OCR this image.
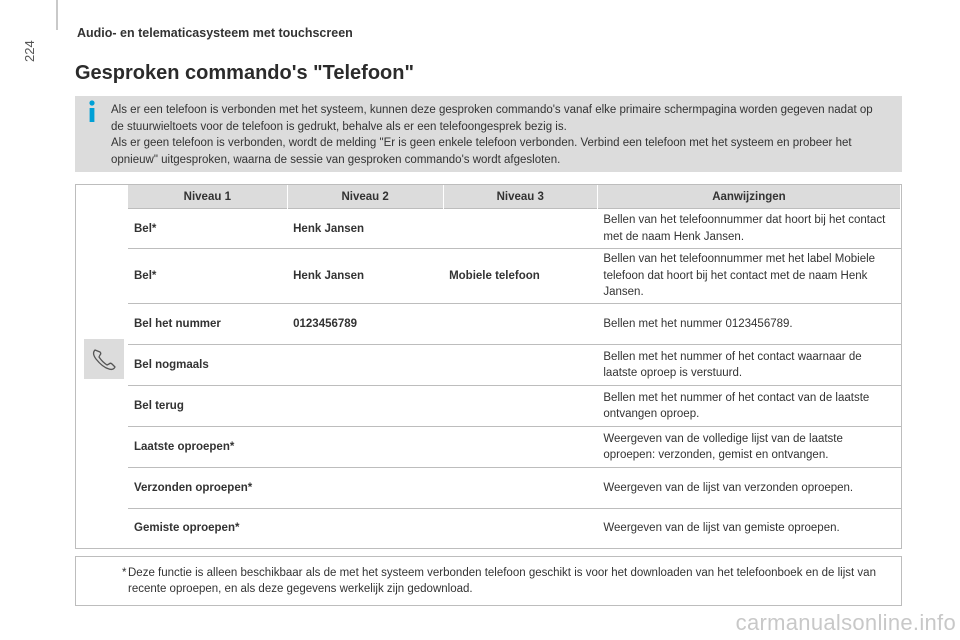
224
Audio- en telematicasysteem met touchscreen
Gesproken commando's "Telefoon"

Als er een telefoon is verbonden met het systeem, kunnen deze gesproken commando's vanaf elke primaire schermpagina worden gegeven nadat op de stuurwieltoets voor de telefoon is gedrukt, behalve als er een telefoongesprek bezig is.

Als er geen telefoon is verbonden, wordt de melding "Er is geen enkele telefoon verbonden. Verbind een telefoon met het systeem en probeer het opnieuw" uitgesproken, waarna de sessie van gesproken commando's wordt afgesloten.

Niveau 1	Niveau 2	Niveau 3	Aanwijzingen
Bel*	Henk Jansen		Bellen van het telefoonnummer dat hoort bij het contact met de naam Henk Jansen.
Bel*	Henk Jansen	Mobiele telefoon	Bellen van het telefoonnummer met het label Mobiele telefoon dat hoort bij het contact met de naam Henk Jansen.
Bel het nummer	0123456789		Bellen met het nummer 0123456789.
Bel nogmaals			Bellen met het nummer of het contact waarnaar de laatste oproep is verstuurd.
Bel terug			Bellen met het nummer of het contact van de laatste ontvangen oproep.
Laatste oproepen*			Weergeven van de volledige lijst van de laatste oproepen: verzonden, gemist en ontvangen.
Verzonden oproepen*			Weergeven van de lijst van verzonden oproepen.
Gemiste oproepen*			Weergeven van de lijst van gemiste oproepen.
* Deze functie is alleen beschikbaar als de met het systeem verbonden telefoon geschikt is voor het downloaden van het telefoonboek en de lijst van recente oproepen, en als deze gegevens werkelijk zijn gedownload.
carmanualsonline.info
